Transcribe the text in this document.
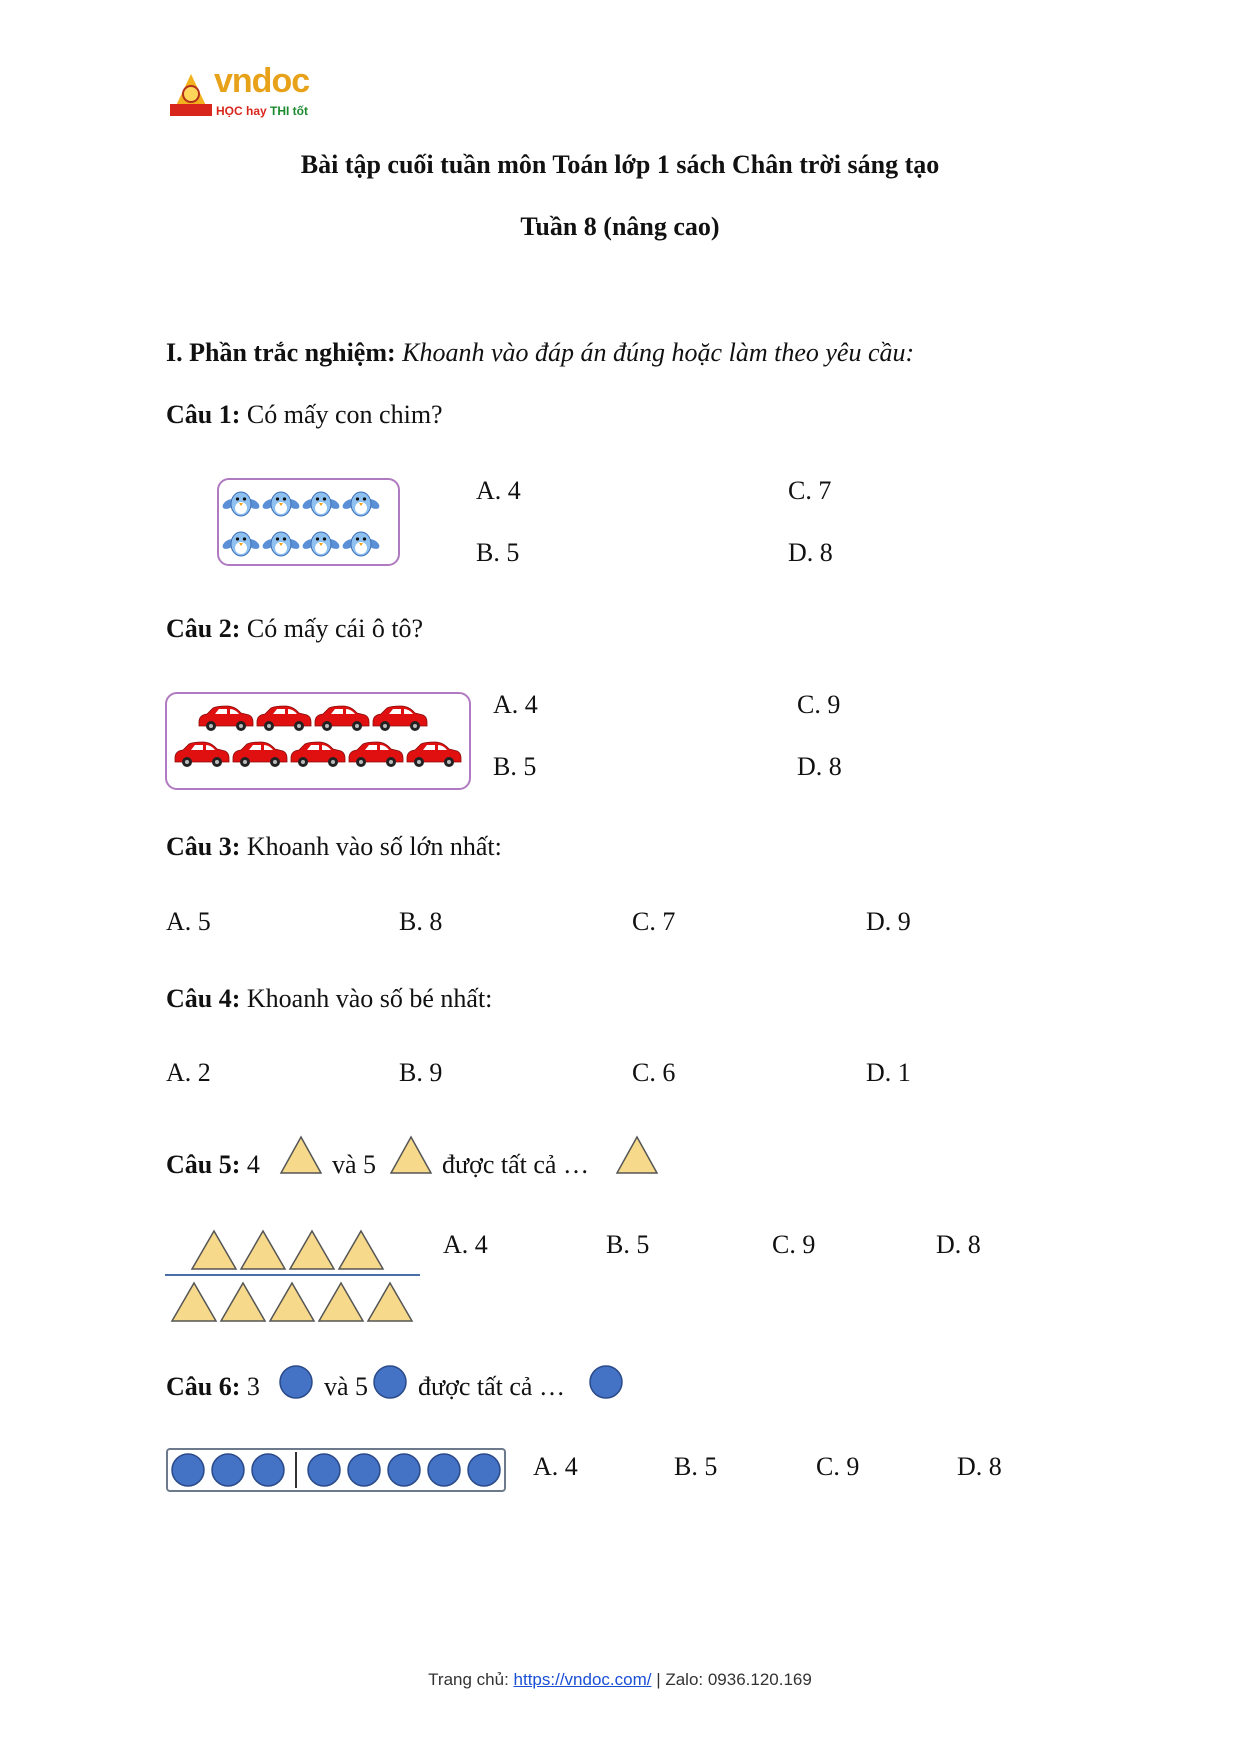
vndoc
HỌC hay THI tốt
Bài tập cuối tuần môn Toán lớp 1 sách Chân trời sáng tạo
Tuần 8 (nâng cao)
I. Phần trắc nghiệm: Khoanh vào đáp án đúng hoặc làm theo yêu cầu:
Câu 1: Có mấy con chim?
A. 4
B. 5
C. 7
D. 8
Câu 2: Có mấy cái ô tô?
A. 4
B. 5
C. 9
D. 8
Câu 3: Khoanh vào số lớn nhất:
A. 5	B. 8	C. 7	D. 9
Câu 4: Khoanh vào số bé nhất:
A. 2	B. 9	C. 6	D. 1
Câu 5: 4	và 5	được tất cả …
A. 4	B. 5	C. 9	D. 8
Câu 6: 3 và 5 được tất cả …
A. 4	B. 5	C. 9	D. 8
Trang chủ: https://vndoc.com/ | Zalo: 0936.120.169
